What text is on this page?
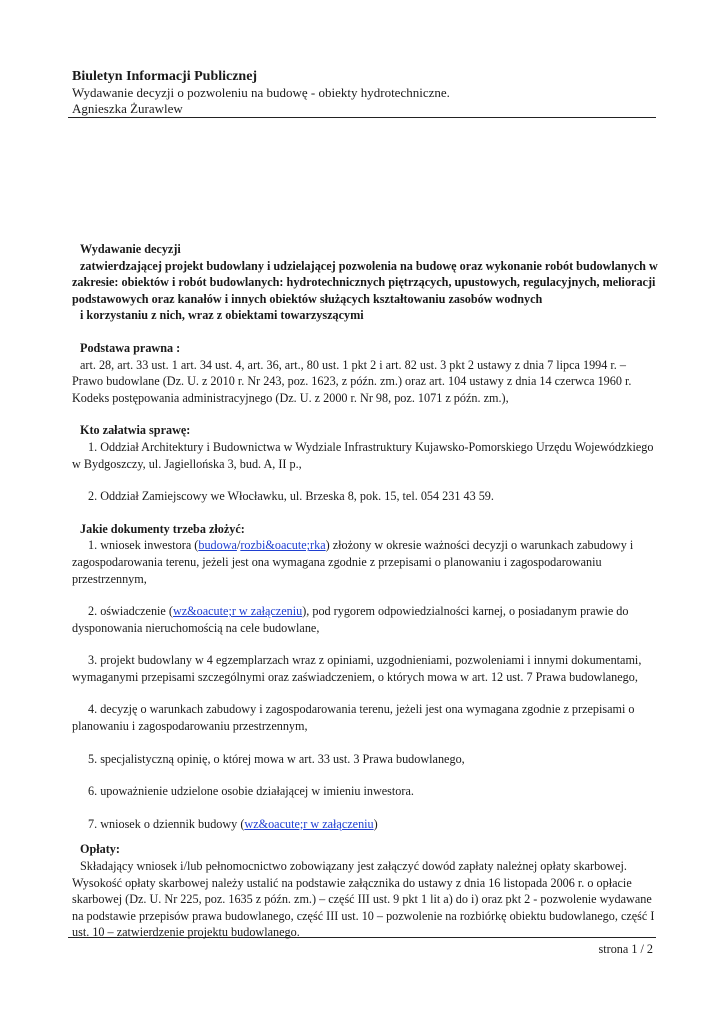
Biuletyn Informacji Publicznej
Wydawanie decyzji o pozwoleniu na budowę - obiekty hydrotechniczne.
Agnieszka Żurawlew

Wydawanie decyzji

zatwierdzającej projekt budowlany i udzielającej pozwolenia na budowę oraz wykonanie robót budowlanych w zakresie: obiektów i robót budowlanych: hydrotechnicznych piętrzących, upustowych, regulacyjnych, melioracji podstawowych oraz kanałów i innych obiektów służących kształtowaniu zasobów wodnych

i korzystaniu z nich, wraz z obiektami towarzyszącymi

Podstawa prawna :

art. 28, art. 33 ust. 1 art. 34 ust. 4, art. 36, art., 80 ust. 1 pkt 2 i art. 82 ust. 3 pkt 2 ustawy z dnia 7 lipca 1994 r. – Prawo budowlane (Dz. U. z 2010 r. Nr 243, poz. 1623, z późn. zm.) oraz art. 104 ustawy z dnia 14 czerwca 1960 r. Kodeks postępowania administracyjnego (Dz. U. z 2000 r. Nr 98, poz. 1071 z późn. zm.),

Kto załatwia sprawę:

1. Oddział Architektury i Budownictwa w Wydziale Infrastruktury Kujawsko-Pomorskiego Urzędu Wojewódzkiego w Bydgoszczy, ul. Jagiellońska 3, bud. A, II p.,

2. Oddział Zamiejscowy we Włocławku, ul. Brzeska 8, pok. 15, tel. 054 231 43 59.

Jakie dokumenty trzeba złożyć:

1. wniosek inwestora (budowa/rozbi&oacute;rka) złożony w okresie ważności decyzji o warunkach zabudowy i zagospodarowania terenu, jeżeli jest ona wymagana zgodnie z przepisami o planowaniu i zagospodarowaniu przestrzennym,

2. oświadczenie (wz&oacute;r w załączeniu), pod rygorem odpowiedzialności karnej, o posiadanym prawie do dysponowania nieruchomością na cele budowlane,

3. projekt budowlany w 4 egzemplarzach wraz z opiniami, uzgodnieniami, pozwoleniami i innymi dokumentami, wymaganymi przepisami szczególnymi oraz zaświadczeniem, o których mowa w art. 12 ust. 7 Prawa budowlanego,

4. decyzję o warunkach zabudowy i zagospodarowania terenu, jeżeli jest ona wymagana zgodnie z przepisami o planowaniu i zagospodarowaniu przestrzennym,

5. specjalistyczną opinię, o której mowa w art. 33 ust. 3 Prawa budowlanego,

6. upoważnienie udzielone osobie działającej w imieniu inwestora.

7. wniosek o dziennik budowy (wz&oacute;r w załączeniu)

Opłaty:

Składający wniosek i/lub pełnomocnictwo zobowiązany jest załączyć dowód zapłaty należnej opłaty skarbowej. Wysokość opłaty skarbowej należy ustalić na podstawie załącznika do ustawy z dnia 16 listopada 2006 r. o opłacie skarbowej (Dz. U. Nr 225, poz. 1635 z późn. zm.) – część III ust. 9 pkt 1 lit a) do i) oraz pkt 2 - pozwolenie wydawane na podstawie przepisów prawa budowlanego, część III ust. 10 – pozwolenie na rozbiórkę obiektu budowlanego, część I ust. 10 – zatwierdzenie projektu budowlanego.

strona 1 / 2
